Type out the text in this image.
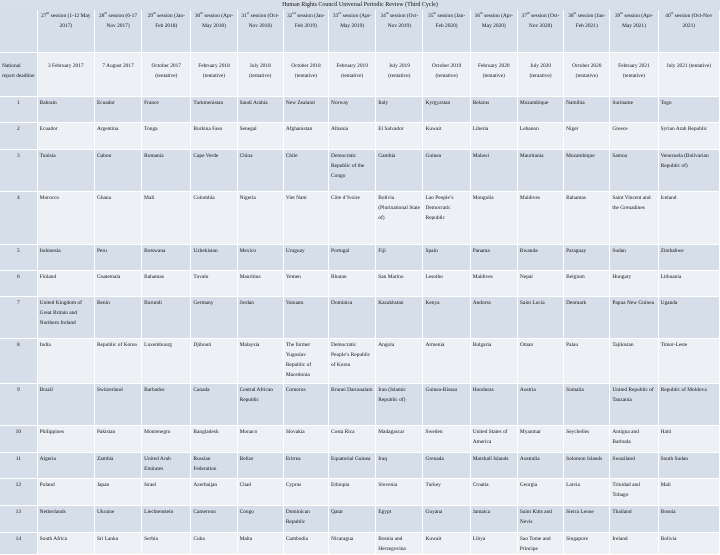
Human Rights Council Universal Periodic Review (Third Cycle)
	27th session (1-12 May 2017)	28th session (6-17 Nov 2017)	29th session (Jan-Feb 2018)	30th session (Apr-May 2018)	31st session (Oct-Nov 2018)	32nd session (Jan-Feb 2019)	33rd session (Apr-May 2019)	34th session (Oct-Nov 2019)	35th session (Jan-Feb 2020)	36th session (Apr-May 2020)	37th session (Oct-Nov 2020)	38th session (Jan-Feb 2021)	39th session (Apr-May 2021)	40th session (Oct-Nov 2021)
National report deadline	3 February 2017	7 August 2017	October 2017 (tentative)	February 2018 (tentative)	July 2018 (tentative)	October 2018 (tentative)	February 2019 (tentative)	July 2019 (tentative)	October 2019 (tentative)	February 2020 (tentative)	July 2020 (tentative)	October 2020 (tentative)	February 2021 (tentative)	July 2021 (tentative)
1	Bahrain	Ecuador	France	Turkmenistan	Saudi Arabia	New Zealand	Norway	Italy	Kyrgyzstan	Belarus	Mozambique	Namibia	Suriname	Togo
2	Ecuador	Argentina	Tonga	Burkina Faso	Senegal	Afghanistan	Albania	El Salvador	Kuwait	Liberia	Lebanon	Niger	Greece	Syrian Arab Republic
3	Tunisia	Gabon	Romania	Cape Verde	China	Chile	Democratic Republic of the Congo	Gambia	Guinea	Malawi	Mauritania	Mozambique	Samoa	Venezuela (Bolivarian Republic of)
4	Morocco	Ghana	Mali	Colombia	Nigeria	Viet Nam	Côte d’Ivoire	Bolivia (Plurinational State of)	Lao People’s Democratic Republic	Mongolia	Maldives	Bahamas	Saint Vincent and the Grenadines	Iceland
5	Indonesia	Peru	Botswana	Uzbekistan	Mexico	Uruguay	Portugal	Fiji	Spain	Panama	Rwanda	Paraguay	Sudan	Zimbabwe
6	Finland	Guatemala	Bahamas	Tuvalu	Mauritius	Yemen	Bhutan	San Marino	Lesotho	Maldives	Nepal	Belgium	Hungary	Lithuania
7	United Kingdom of Great Britain and Northern Ireland	Benin	Burundi	Germany	Jordan	Vanuatu	Dominica	Kazakhstan	Kenya	Andorra	Saint Lucia	Denmark	Papua New Guinea	Uganda
8	India	Republic of Korea	Luxembourg	Djibouti	Malaysia	The former Yugoslav Republic of Macedonia	Democratic People’s Republic of Korea	Angola	Armenia	Bulgaria	Oman	Palau	Tajikistan	Timor-Leste
9	Brazil	Switzerland	Barbados	Canada	Central African Republic	Comoros	Brunei Darussalam	Iran (Islamic Republic of)	Guinea-Bissau	Honduras	Austria	Somalia	United Republic of Tanzania	Republic of Moldova
10	Philippines	Pakistan	Montenegro	Bangladesh	Monaco	Slovakia	Costa Rica	Madagascar	Sweden	United States of America	Myanmar	Seychelles	Antigua and Barbuda	Haiti
11	Algeria	Zambia	United Arab Emirates	Russian Federation	Belize	Eritrea	Equatorial Guinea	Iraq	Grenada	Marshall Islands	Australia	Solomon Islands	Swaziland	South Sudan
12	Poland	Japan	Israel	Azerbaijan	Chad	Cyprus	Ethiopia	Slovenia	Turkey	Croatia	Georgia	Latvia	Trinidad and Tobago	Mali
13	Netherlands	Ukraine	Liechtenstein	Cameroon	Congo	Dominican Republic	Qatar	Egypt	Guyana	Jamaica	Saint Kitts and Nevis	Sierra Leone	Thailand	Bosnia
14	South Africa	Sri Lanka	Serbia	Cuba	Malta	Cambodia	Nicaragua	Bosnia and Herzegovina	Kuwait	Libya	Sao Tome and Principe	Singapore	Ireland	Bolivia
